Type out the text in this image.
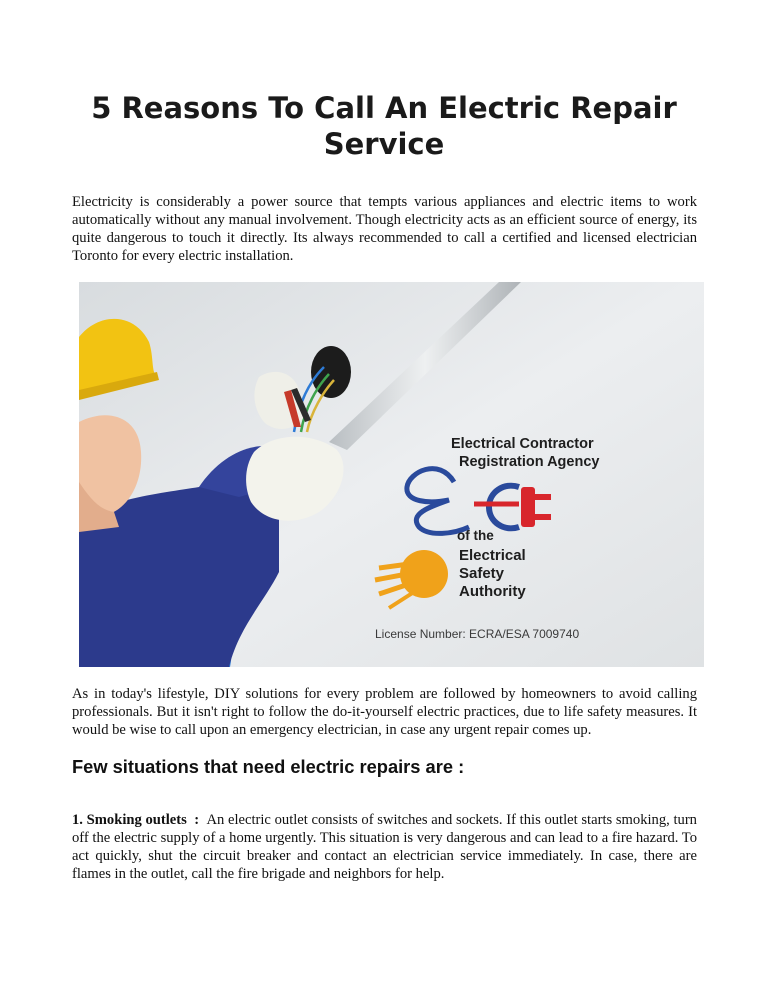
5 Reasons To Call An Electric Repair Service

Electricity is considerably a power source that tempts various appliances and electric items to work automatically without any manual involvement. Though electricity acts as an efficient source of energy, its quite dangerous to touch it directly. Its always recommended to call a certified and licensed electrician Toronto for every electric installation.

Electrical Contractor
Registration Agency
of the
Electrical
Safety
Authority
License Number: ECRA/ESA 7009740

As in today's lifestyle, DIY solutions for every problem are followed by homeowners to avoid calling professionals. But it isn't right to follow the do-it-yourself electric practices, due to life safety measures. It would be wise to call upon an emergency electrician, in case any urgent repair comes up.

Few situations that need electric repairs are :

1. Smoking outlets : An electric outlet consists of switches and sockets. If this outlet starts smoking, turn off the electric supply of a home urgently. This situation is very dangerous and can lead to a fire hazard. To act quickly, shut the circuit breaker and contact an electrician service immediately. In case, there are flames in the outlet, call the fire brigade and neighbors for help.
